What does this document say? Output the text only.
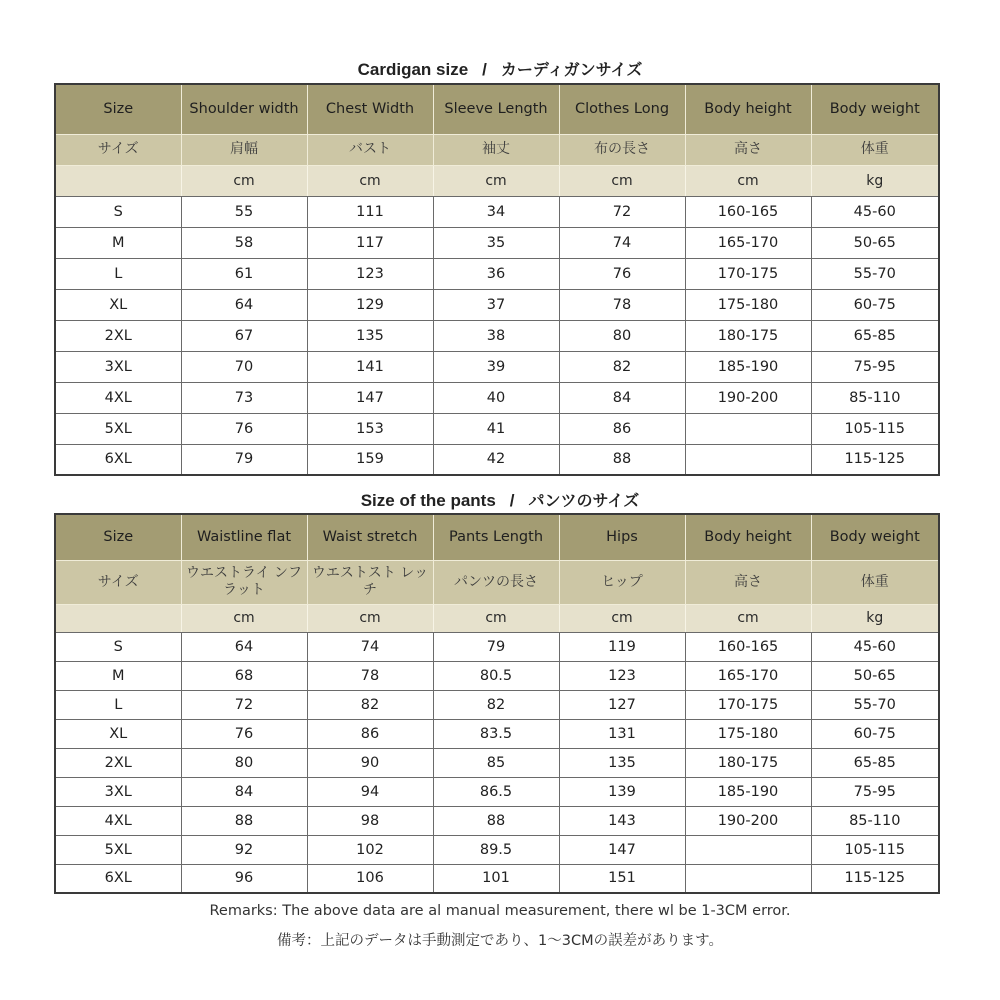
Cardigan size / カーディガンサイズ
Size	Shoulder width	Chest Width	Sleeve Length	Clothes Long	Body height	Body weight
サイズ	肩幅	バスト	袖丈	布の長さ	高さ	体重
	cm	cm	cm	cm	cm	kg
S	55	111	34	72	160-165	45-60
M	58	117	35	74	165-170	50-65
L	61	123	36	76	170-175	55-70
XL	64	129	37	78	175-180	60-75
2XL	67	135	38	80	180-175	65-85
3XL	70	141	39	82	185-190	75-95
4XL	73	147	40	84	190-200	85-110
5XL	76	153	41	86		105-115
6XL	79	159	42	88		115-125
Size of the pants / パンツのサイズ
Size	Waistline flat	Waist stretch	Pants Length	Hips	Body height	Body weight
サイズ	ウエストライ ンフラット	ウエストスト レッチ	パンツの長さ	ヒップ	高さ	体重
	cm	cm	cm	cm	cm	kg
S	64	74	79	119	160-165	45-60
M	68	78	80.5	123	165-170	50-65
L	72	82	82	127	170-175	55-70
XL	76	86	83.5	131	175-180	60-75
2XL	80	90	85	135	180-175	65-85
3XL	84	94	86.5	139	185-190	75-95
4XL	88	98	88	143	190-200	85-110
5XL	92	102	89.5	147		105-115
6XL	96	106	101	151		115-125
Remarks: The above data are al manual measurement, there wl be 1-3CM error.
備考：上記のデータは手動測定であり、1～3CMの誤差があります。
